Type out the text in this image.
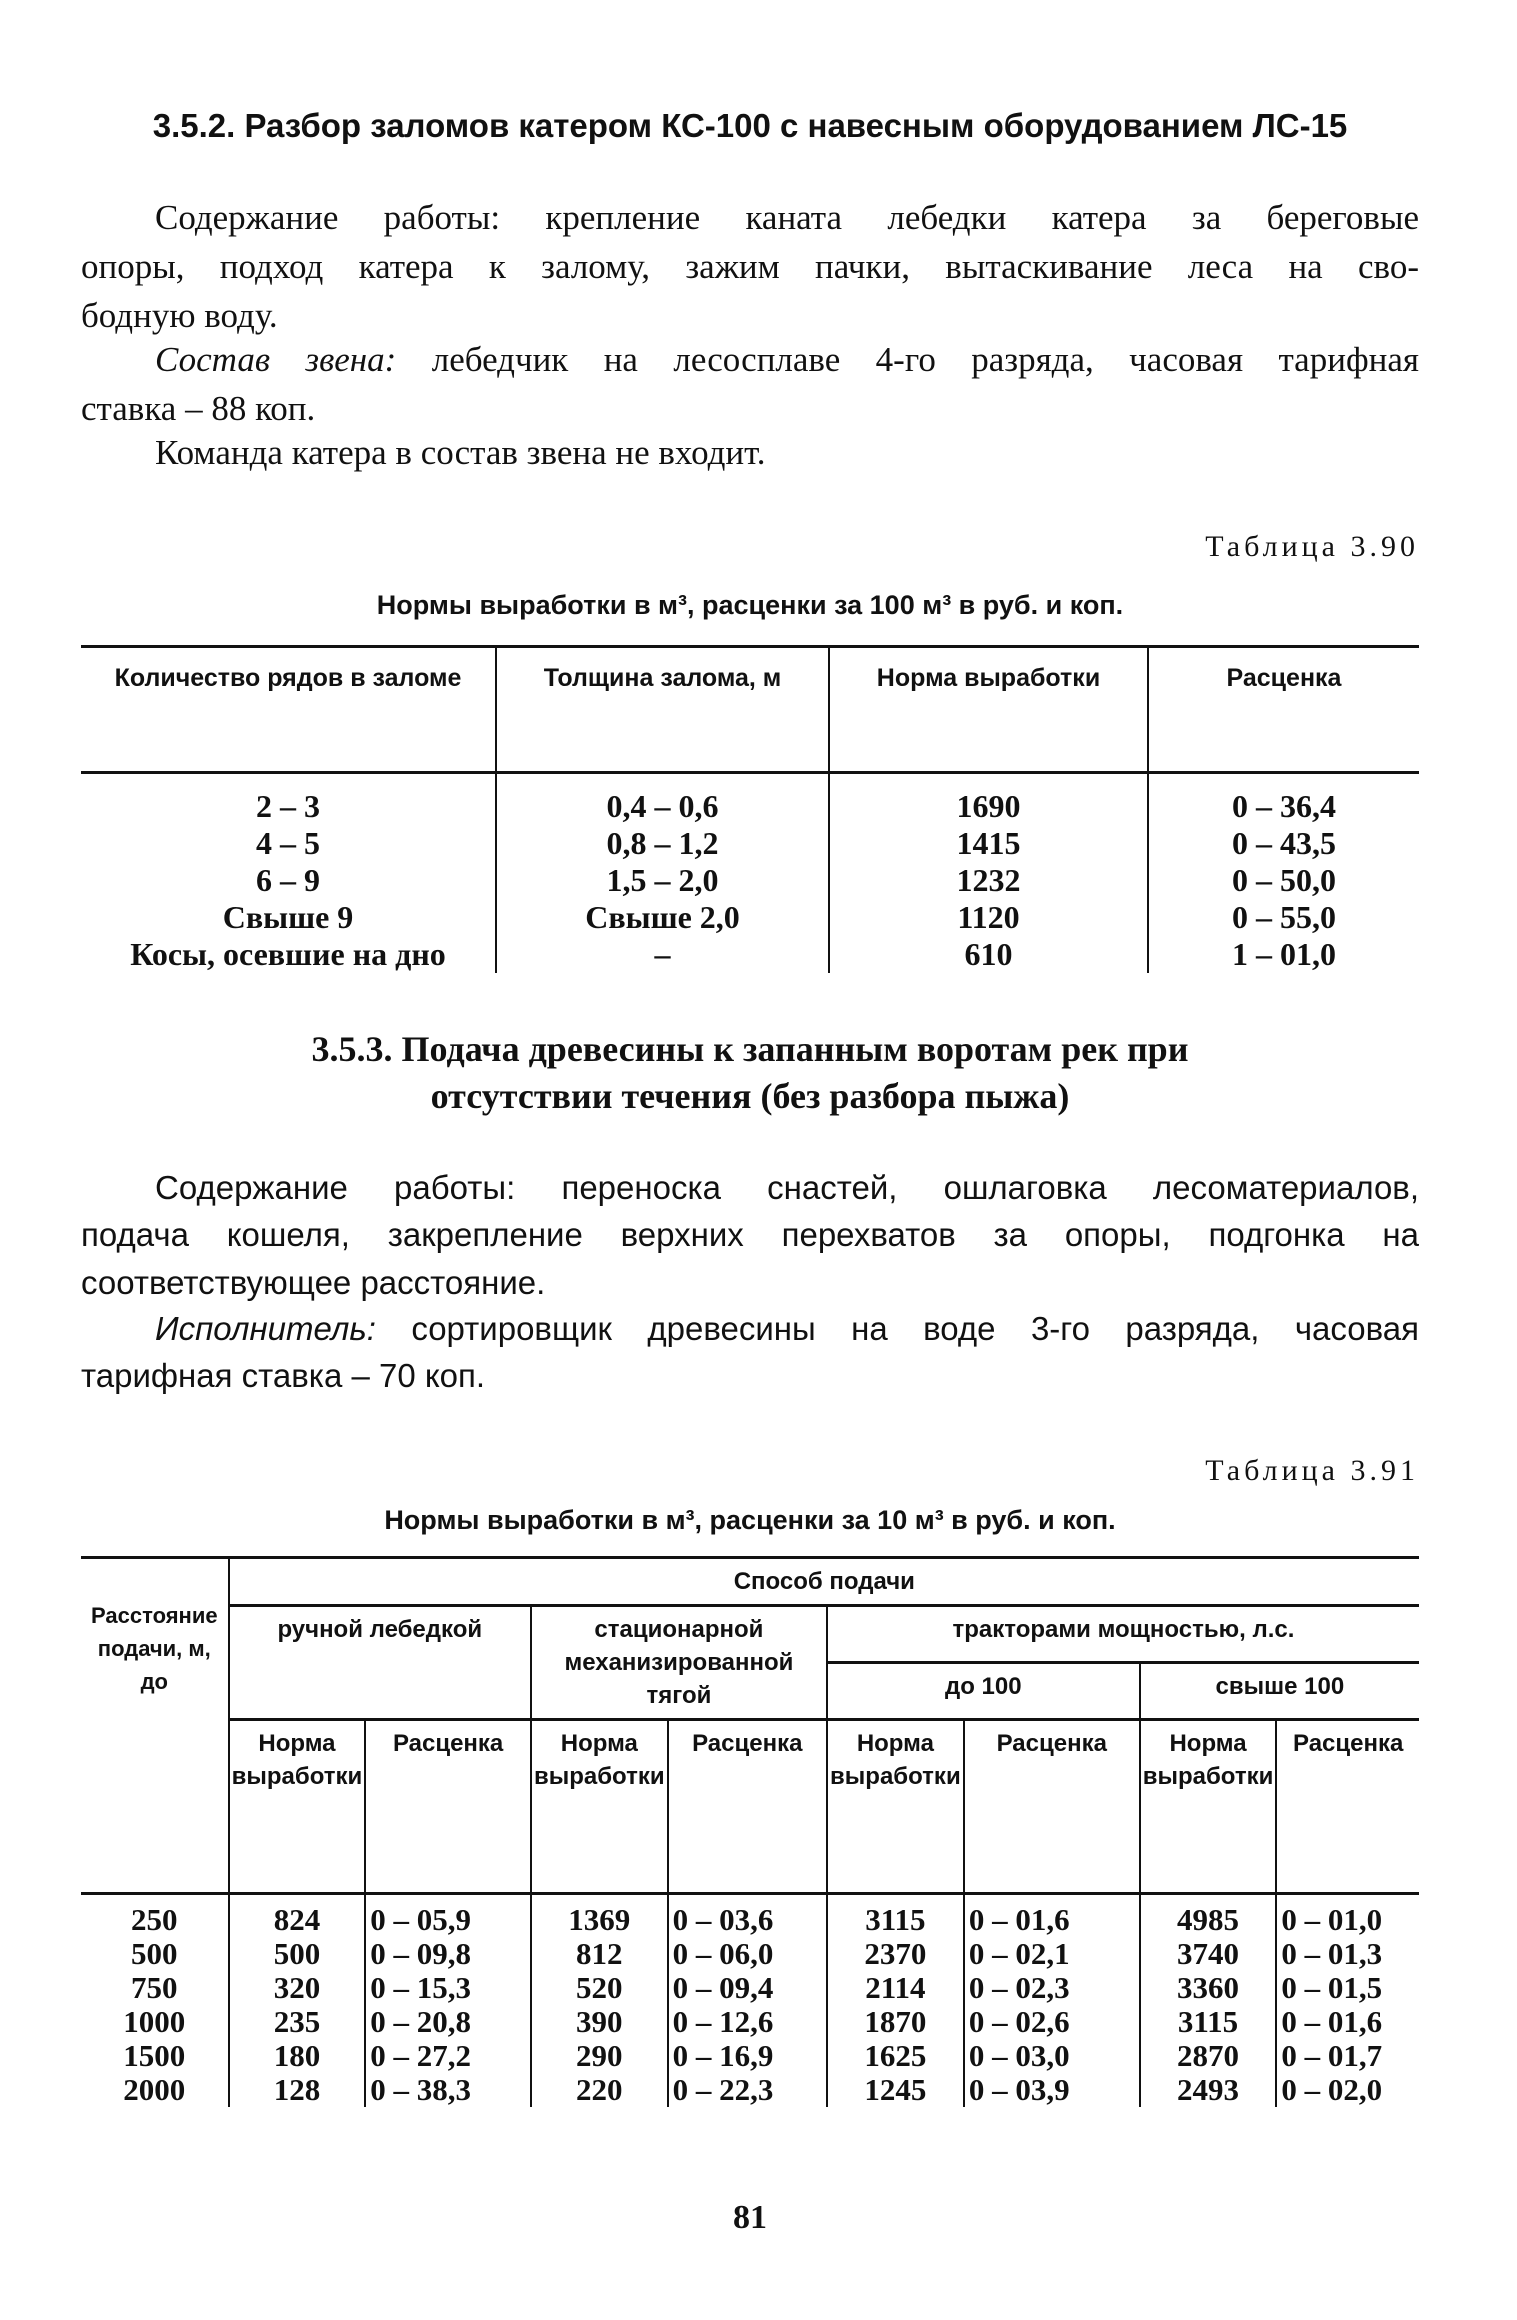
3.5.2. Разбор заломов катером КС-100 с навесным оборудованием ЛС-15
Содержание работы: крепление каната лебедки катера за береговые
опоры, подход катера к залому, зажим пачки, вытаскивание леса на сво-
бодную воду.
Состав звена: лебедчик на лесосплаве 4-го разряда, часовая тарифная
ставка – 88 коп.
Команда катера в состав звена не входит.
Таблица 3.90
Нормы выработки в м³, расценки за 100 м³ в руб. и коп.
Количество рядов в заломе	Толщина залома, м	Норма выработки	Расценка
2 – 3	0,4 – 0,6	1690	0 – 36,4
4 – 5	0,8 – 1,2	1415	0 – 43,5
6 – 9	1,5 – 2,0	1232	0 – 50,0
Свыше 9	Свыше 2,0	1120	0 – 55,0
Косы, осевшие на дно	–	610	1 – 01,0
3.5.3. Подача древесины к запанным воротам рек при
отсутствии течения (без разбора пыжа)
Содержание работы: переноска снастей, ошлаговка лесоматериалов,
подача кошеля, закрепление верхних перехватов за опоры, подгонка на
соответствующее расстояние.
Исполнитель: сортировщик древесины на воде 3-го разряда, часовая
тарифная ставка – 70 коп.
Таблица 3.91
Нормы выработки в м³, расценки за 10 м³ в руб. и коп.
Расстояние подачи, м, до	Способ подачи							
	ручной лебедкой		стационарной механизированной тягой		тракторами мощностью, л.с.			
					до 100		свыше 100	
	Норма выработки	Расценка	Норма выработки	Расценка	Норма выработки	Расценка	Норма выработки	Расценка
250	824	0 – 05,9	1369	0 – 03,6	3115	0 – 01,6	4985	0 – 01,0
500	500	0 – 09,8	812	0 – 06,0	2370	0 – 02,1	3740	0 – 01,3
750	320	0 – 15,3	520	0 – 09,4	2114	0 – 02,3	3360	0 – 01,5
1000	235	0 – 20,8	390	0 – 12,6	1870	0 – 02,6	3115	0 – 01,6
1500	180	0 – 27,2	290	0 – 16,9	1625	0 – 03,0	2870	0 – 01,7
2000	128	0 – 38,3	220	0 – 22,3	1245	0 – 03,9	2493	0 – 02,0
81
